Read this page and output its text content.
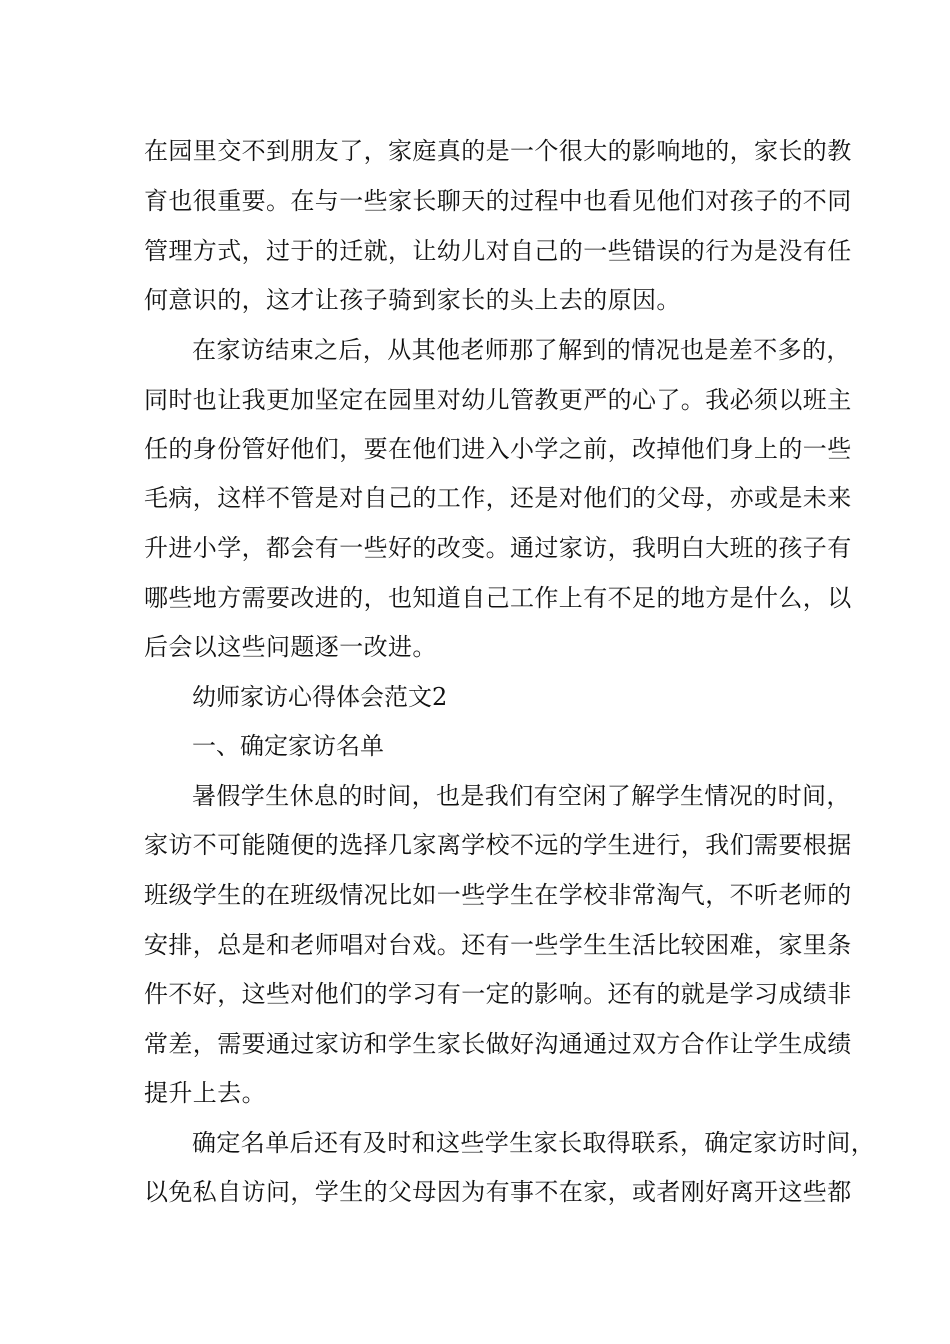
在园里交不到朋友了，家庭真的是一个很大的影响地的，家长的教
育也很重要。在与一些家长聊天的过程中也看见他们对孩子的不同
管理方式，过于的迁就，让幼儿对自己的一些错误的行为是没有任
何意识的，这才让孩子骑到家长的头上去的原因。
在家访结束之后，从其他老师那了解到的情况也是差不多的，
同时也让我更加坚定在园里对幼儿管教更严的心了。我必须以班主
任的身份管好他们，要在他们进入小学之前，改掉他们身上的一些
毛病，这样不管是对自己的工作，还是对他们的父母，亦或是未来
升进小学，都会有一些好的改变。通过家访，我明白大班的孩子有
哪些地方需要改进的，也知道自己工作上有不足的地方是什么，以
后会以这些问题逐一改进。
幼师家访心得体会范文2
一、确定家访名单
暑假学生休息的时间，也是我们有空闲了解学生情况的时间，
家访不可能随便的选择几家离学校不远的学生进行，我们需要根据
班级学生的在班级情况比如一些学生在学校非常淘气，不听老师的
安排，总是和老师唱对台戏。还有一些学生生活比较困难，家里条
件不好，这些对他们的学习有一定的影响。还有的就是学习成绩非
常差，需要通过家访和学生家长做好沟通通过双方合作让学生成绩
提升上去。
确定名单后还有及时和这些学生家长取得联系，确定家访时间，
以免私自访问，学生的父母因为有事不在家，或者刚好离开这些都
